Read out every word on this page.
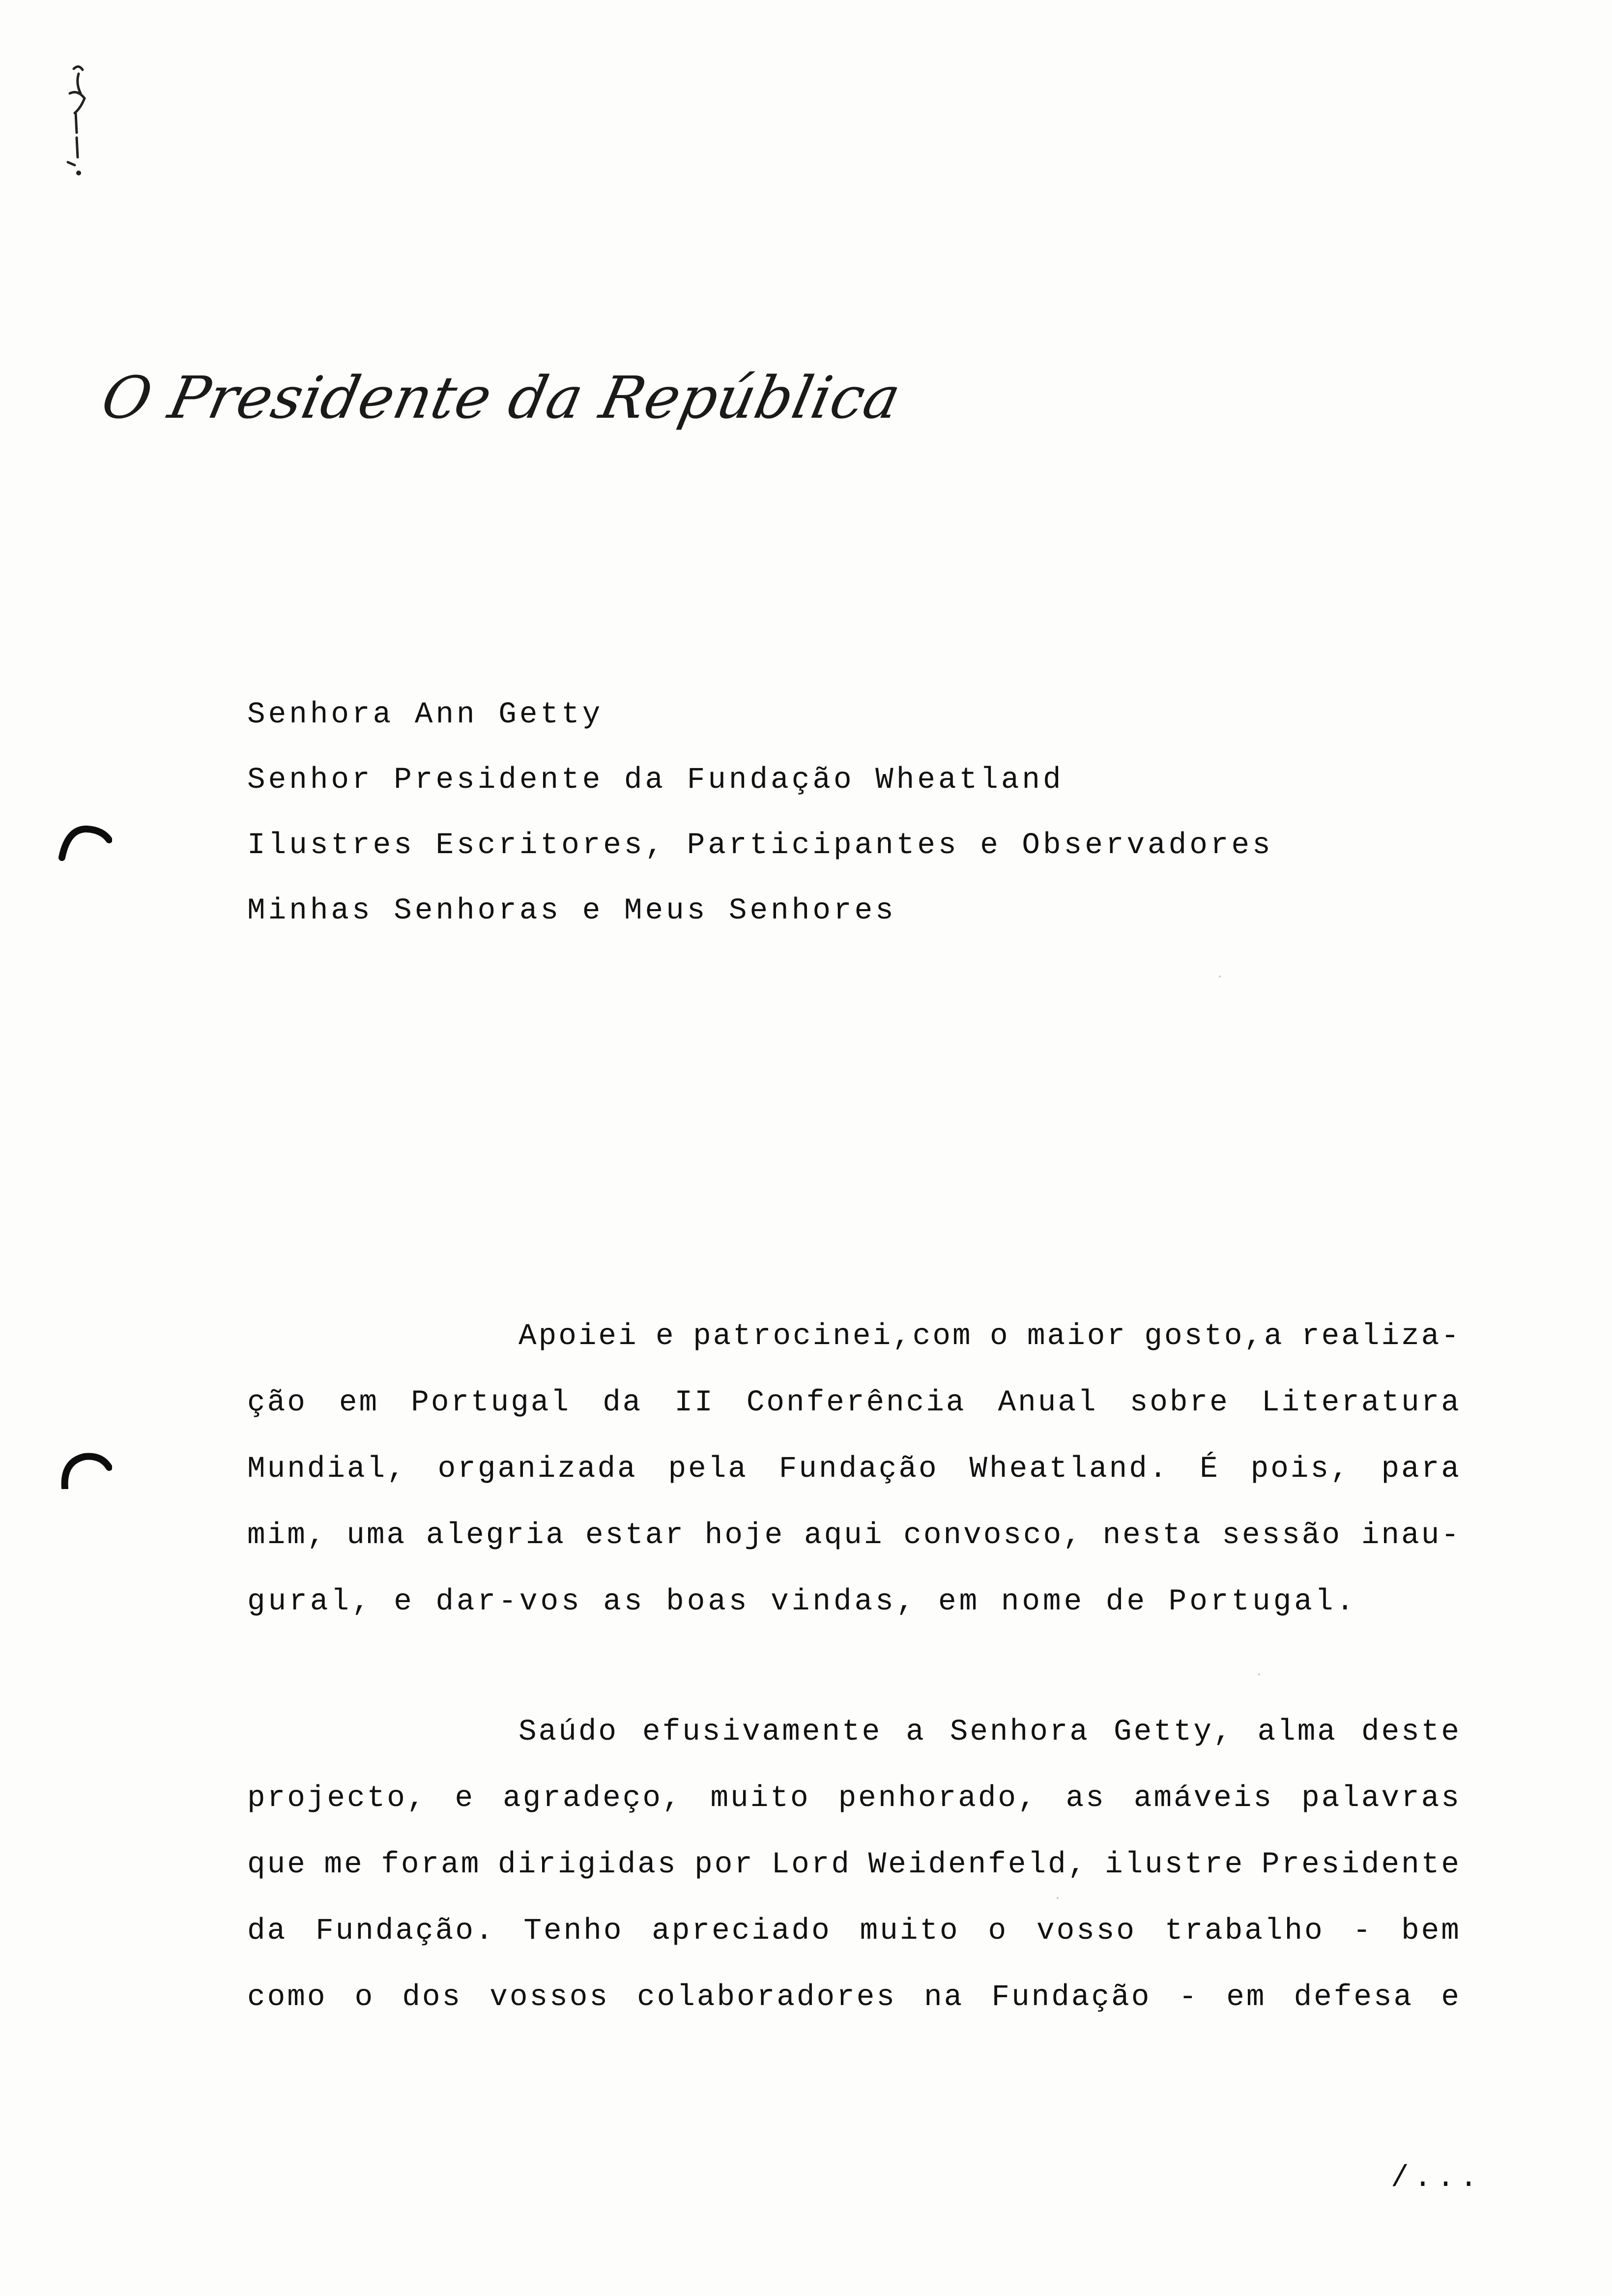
O Presidente da República
Senhora Ann Getty
Senhor Presidente da Fundação Wheatland
Ilustres Escritores, Participantes e Observadores
Minhas Senhoras e Meus Senhores
Apoiei e patrocinei,com o maior gosto,a realiza-
ção em Portugal da II Conferência Anual sobre Literatura
Mundial, organizada pela Fundação Wheatland. É pois, para
mim, uma alegria estar hoje aqui convosco, nesta sessão inau-
gural, e dar-vos as boas vindas, em nome de Portugal.
Saúdo efusivamente a Senhora Getty, alma deste
projecto, e agradeço, muito penhorado, as amáveis palavras
que me foram dirigidas por Lord Weidenfeld, ilustre Presidente
da Fundação. Tenho apreciado muito o vosso trabalho - bem
como o dos vossos colaboradores na Fundação - em defesa e
/...
